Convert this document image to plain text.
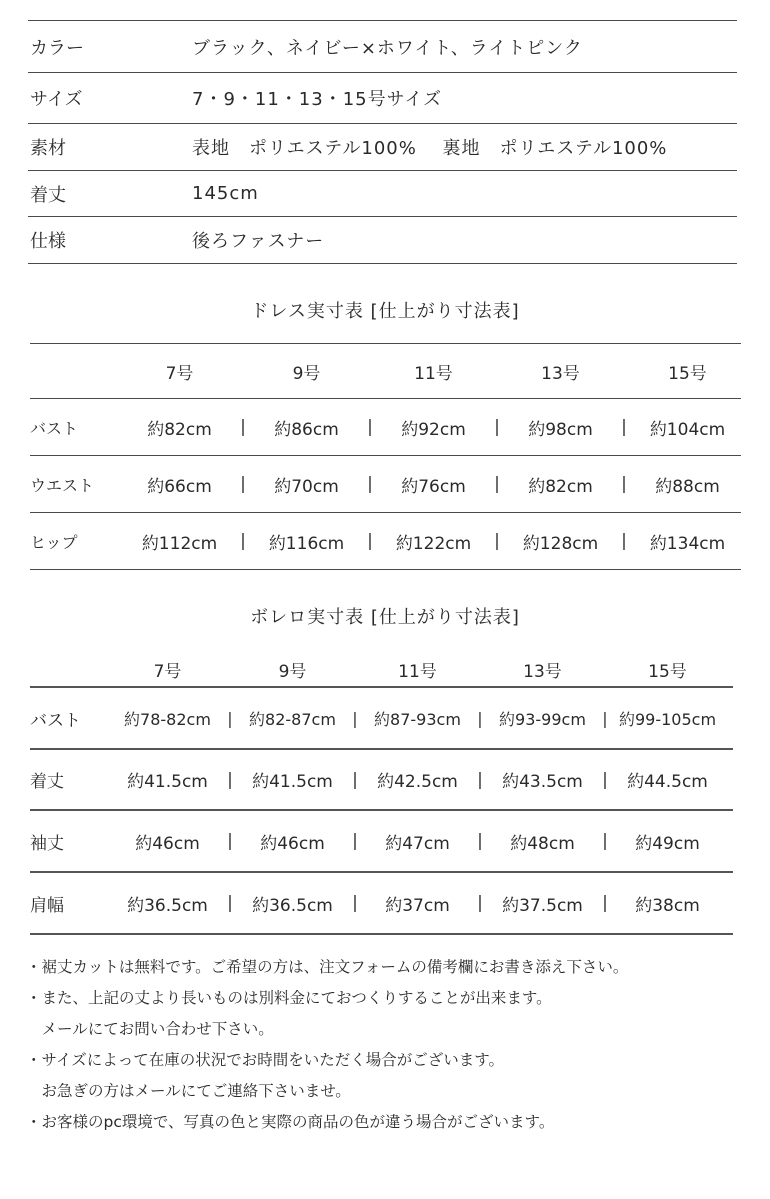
カラー	ブラック、ネイビー×ホワイト、ライトピンク
サイズ	7・9・11・13・15号サイズ
素材	表地　ポリエステル100%　 裏地　ポリエステル100%
着丈	145cm
仕様	後ろファスナー
ドレス実寸表 [仕上がり寸法表]
7号	9号	11号	13号	15号
バスト	約82cm	|	約86cm	|	約92cm	|	約98cm	|	約104cm
ウエスト	約66cm	|	約70cm	|	約76cm	|	約82cm	|	約88cm
ヒップ	約112cm	|	約116cm	|	約122cm	|	約128cm	|	約134cm
ボレロ実寸表 [仕上がり寸法表]
7号	9号	11号	13号	15号
バスト	約78-82cm	|	約82-87cm	|	約87-93cm	|	約93-99cm	| 約99-105cm
着丈	約41.5cm	|	約41.5cm	|	約42.5cm	|	約43.5cm	|	約44.5cm
袖丈	約46cm	|	約46cm	|	約47cm	|	約48cm	|	約49cm
肩幅	約36.5cm	|	約36.5cm	|	約37cm	|	約37.5cm	|	約38cm
・裾丈カットは無料です。ご希望の方は、注文フォームの備考欄にお書き添え下さい。
・また、上記の丈より長いものは別料金にておつくりすることが出来ます。
　メールにてお問い合わせ下さい。
・サイズによって在庫の状況でお時間をいただく場合がございます。
　お急ぎの方はメールにてご連絡下さいませ。
・お客様のpc環境で、写真の色と実際の商品の色が違う場合がございます。
